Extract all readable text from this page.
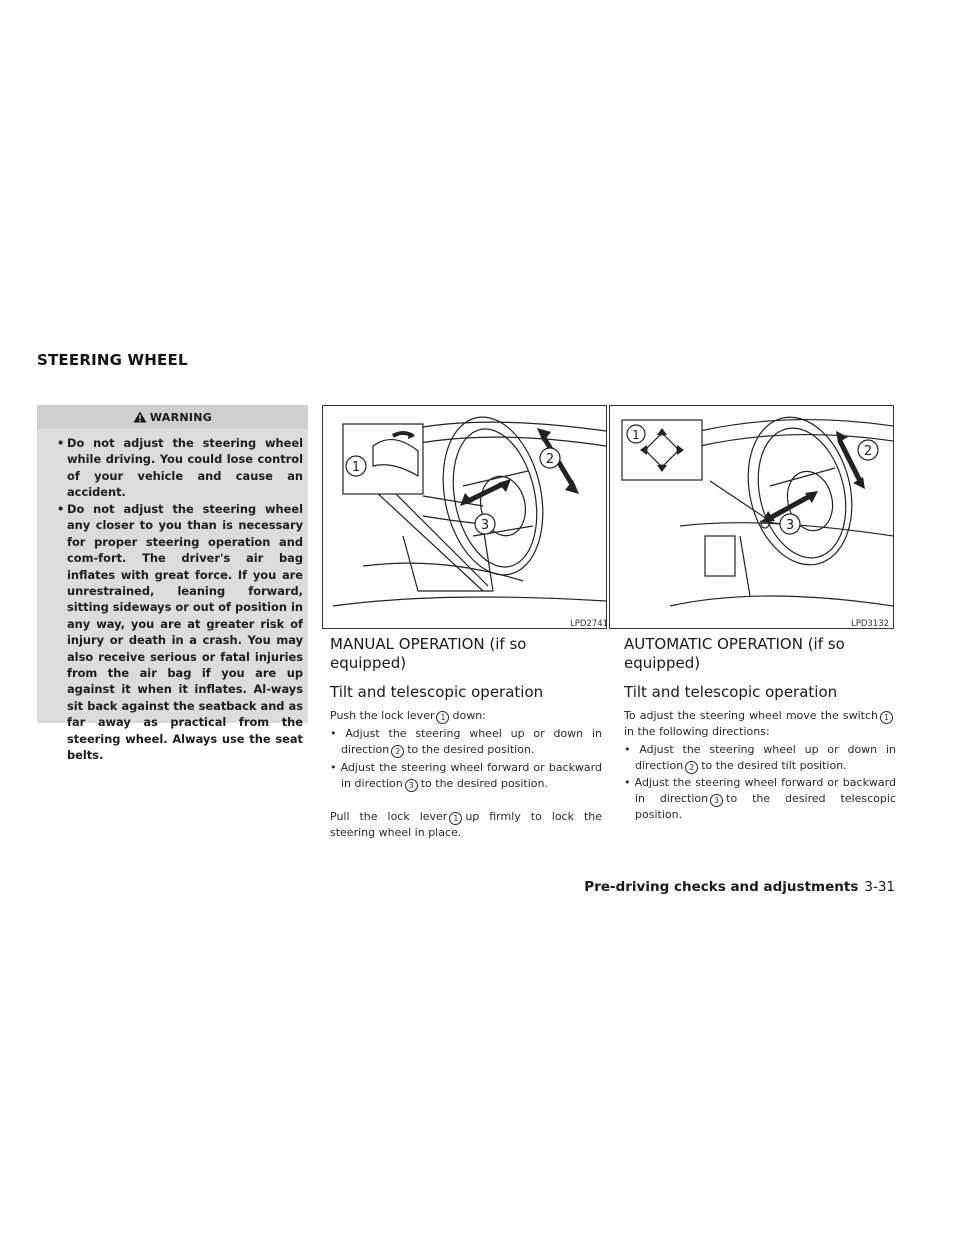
STEERING WHEEL
WARNING
• Do not adjust the steering wheel while driving. You could lose control of your vehicle and cause an accident.
• Do not adjust the steering wheel any closer to you than is necessary for proper steering operation and com-fort. The driver's air bag inflates with great force. If you are unrestrained, leaning forward, sitting sideways or out of position in any way, you are at greater risk of injury or death in a crash. You may also receive serious or fatal injuries from the air bag if you are up against it when it inflates. Al-ways sit back against the seatback and as far away as practical from the steering wheel. Always use the seat belts.
1
2
3
LPD2741
1
2
3
LPD3132
MANUAL OPERATION (if so equipped)
Tilt and telescopic operation
Push the lock lever 1 down:
• Adjust the steering wheel up or down in direction 2 to the desired position.
• Adjust the steering wheel forward or backward in direction 3 to the desired position.
Pull the lock lever 1 up firmly to lock the steering wheel in place.
AUTOMATIC OPERATION (if so equipped)
Tilt and telescopic operation
To adjust the steering wheel move the switch 1in the following directions:
• Adjust the steering wheel up or down in direction 2 to the desired tilt position.
• Adjust the steering wheel forward or backward in direction 3 to the desired telescopic position.
Pre-driving checks and adjustments 3-31
